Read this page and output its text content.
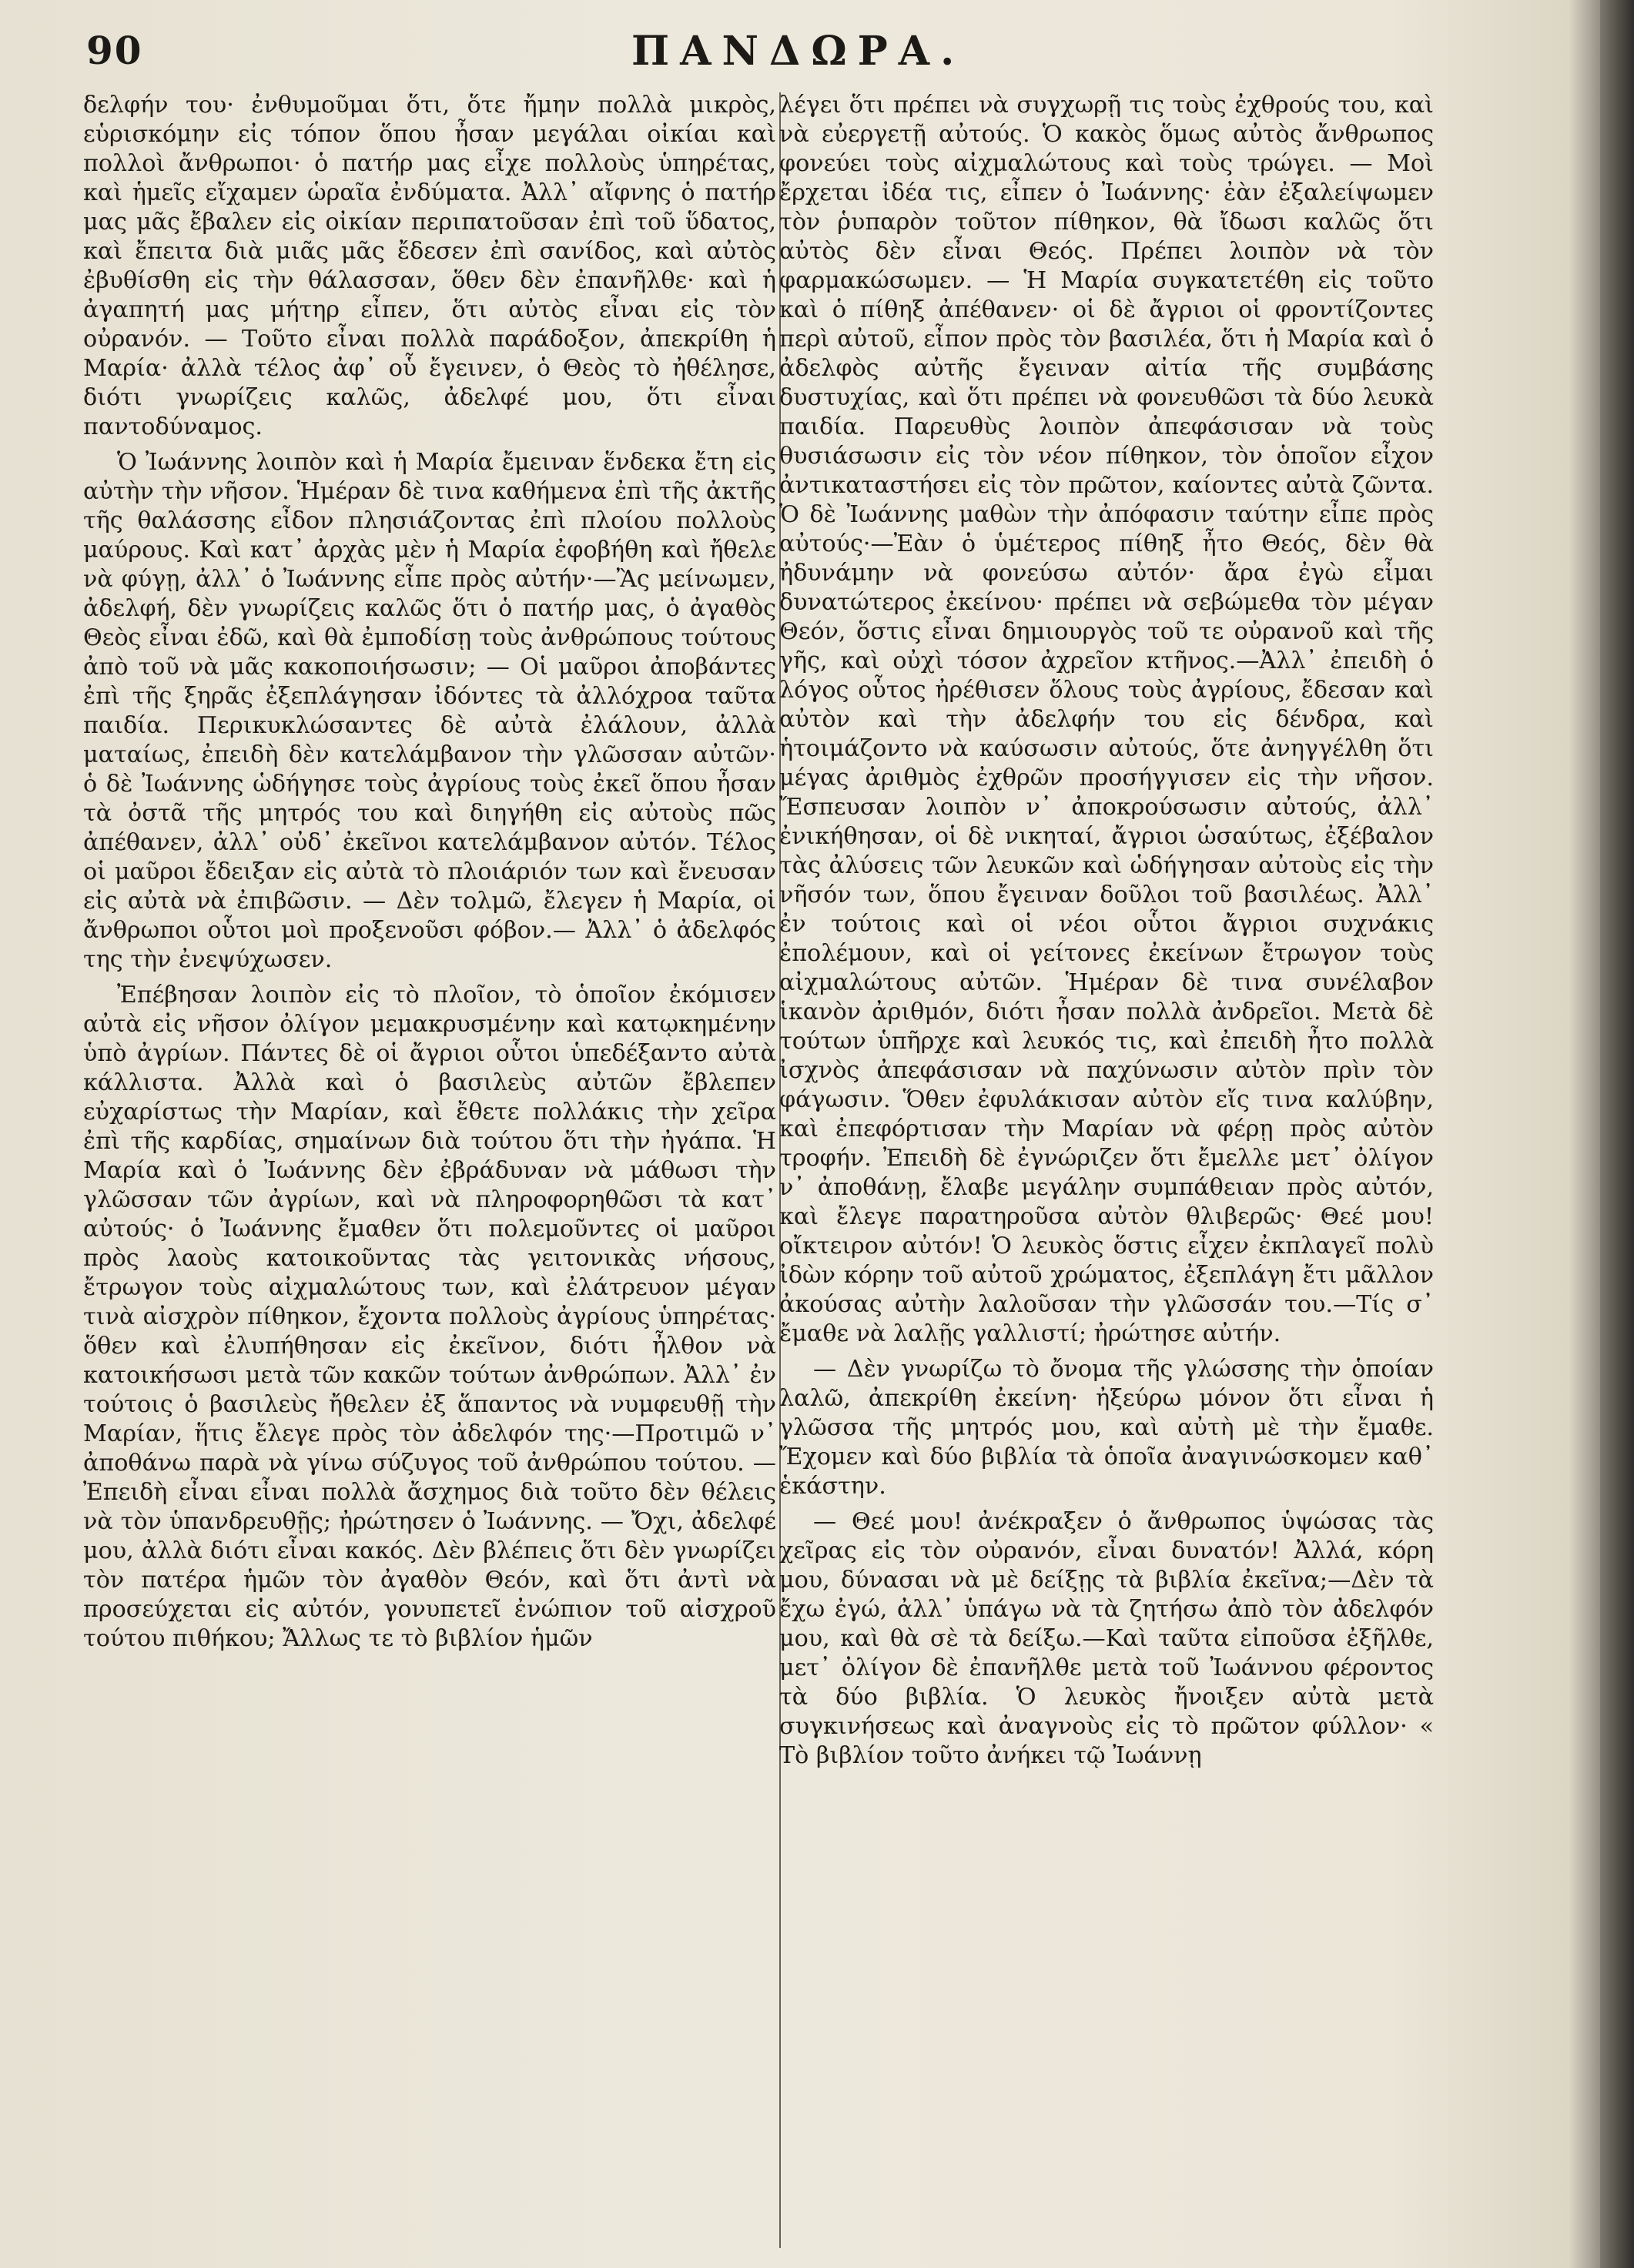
90	ΠΑΝΔΩΡΑ.

δελφήν του· ἐνθυμοῦμαι ὅτι, ὅτε ἤμην πολλὰ μικρὸς, εὑρισκόμην εἰς τόπον ὅπου ἦσαν μεγάλαι οἰκίαι καὶ πολλοὶ ἄνθρωποι· ὁ πατήρ μας εἶχε πολλοὺς ὑπηρέτας, καὶ ἡμεῖς εἴχαμεν ὡραῖα ἐνδύματα. Ἀλλ᾿ αἴφνης ὁ πατήρ μας μᾶς ἔβαλεν εἰς οἰκίαν περιπατοῦσαν ἐπὶ τοῦ ὕδατος, καὶ ἔπειτα διὰ μιᾶς μᾶς ἔδεσεν ἐπὶ σανίδος, καὶ αὐτὸς ἐβυθίσθη εἰς τὴν θάλασσαν, ὅθεν δὲν ἐπανῆλθε· καὶ ἡ ἀγαπητή μας μήτηρ εἶπεν, ὅτι αὐτὸς εἶναι εἰς τὸν οὐρανόν. — Τοῦτο εἶναι πολλὰ παράδοξον, ἀπεκρίθη ἡ Μαρία· ἀλλὰ τέλος ἀφ᾿ οὗ ἔγεινεν, ὁ Θεὸς τὸ ἠθέλησε, διότι γνωρίζεις καλῶς, ἀδελφέ μου, ὅτι εἶναι παντοδύναμος.

Ὁ Ἰωάννης λοιπὸν καὶ ἡ Μαρία ἔμειναν ἕνδεκα ἔτη εἰς αὐτὴν τὴν νῆσον. Ἡμέραν δὲ τινα καθήμενα ἐπὶ τῆς ἀκτῆς τῆς θαλάσσης εἶδον πλησιάζοντας ἐπὶ πλοίου πολλοὺς μαύρους. Καὶ κατ᾿ ἀρχὰς μὲν ἡ Μαρία ἐφοβήθη καὶ ἤθελε νὰ φύγῃ, ἀλλ᾿ ὁ Ἰωάννης εἶπε πρὸς αὐτήν·—Ἂς μείνωμεν, ἀδελφή, δὲν γνωρίζεις καλῶς ὅτι ὁ πατήρ μας, ὁ ἀγαθὸς Θεὸς εἶναι ἐδῶ, καὶ θὰ ἐμποδίσῃ τοὺς ἀνθρώπους τούτους ἀπὸ τοῦ νὰ μᾶς κακοποιήσωσιν; — Οἱ μαῦροι ἀποβάντες ἐπὶ τῆς ξηρᾶς ἐξεπλάγησαν ἰδόντες τὰ ἀλλόχροα ταῦτα παιδία. Περικυκλώσαντες δὲ αὐτὰ ἐλάλουν, ἀλλὰ ματαίως, ἐπειδὴ δὲν κατελάμβανον τὴν γλῶσσαν αὐτῶν· ὁ δὲ Ἰωάννης ὡδήγησε τοὺς ἀγρίους τοὺς ἐκεῖ ὅπου ἦσαν τὰ ὀστᾶ τῆς μητρός του καὶ διηγήθη εἰς αὐτοὺς πῶς ἀπέθανεν, ἀλλ᾿ οὐδ᾿ ἐκεῖνοι κατελάμβανον αὐτόν. Τέλος οἱ μαῦροι ἔδειξαν εἰς αὐτὰ τὸ πλοιάριόν των καὶ ἔνευσαν εἰς αὐτὰ νὰ ἐπιβῶσιν. — Δὲν τολμῶ, ἔλεγεν ἡ Μαρία, οἱ ἄνθρωποι οὗτοι μοὶ προξενοῦσι φόβον.— Ἀλλ᾿ ὁ ἀδελφός της τὴν ἐνεψύχωσεν.

Ἐπέβησαν λοιπὸν εἰς τὸ πλοῖον, τὸ ὁποῖον ἐκόμισεν αὐτὰ εἰς νῆσον ὀλίγον μεμακρυσμένην καὶ κατῳκημένην ὑπὸ ἀγρίων. Πάντες δὲ οἱ ἄγριοι οὗτοι ὑπεδέξαντο αὐτὰ κάλλιστα. Ἀλλὰ καὶ ὁ βασιλεὺς αὐτῶν ἔβλεπεν εὐχαρίστως τὴν Μαρίαν, καὶ ἔθετε πολλάκις τὴν χεῖρα ἐπὶ τῆς καρδίας, σημαίνων διὰ τούτου ὅτι τὴν ἠγάπα. Ἡ Μαρία καὶ ὁ Ἰωάννης δὲν ἐβράδυναν νὰ μάθωσι τὴν γλῶσσαν τῶν ἀγρίων, καὶ νὰ πληροφορηθῶσι τὰ κατ᾿ αὐτούς· ὁ Ἰωάννης ἔμαθεν ὅτι πολεμοῦντες οἱ μαῦροι πρὸς λαοὺς κατοικοῦντας τὰς γειτονικὰς νήσους, ἔτρωγον τοὺς αἰχμαλώτους των, καὶ ἐλάτρευον μέγαν τινὰ αἰσχρὸν πίθηκον, ἔχοντα πολλοὺς ἀγρίους ὑπηρέτας· ὅθεν καὶ ἐλυπήθησαν εἰς ἐκεῖνον, διότι ἦλθον νὰ κατοικήσωσι μετὰ τῶν κακῶν τούτων ἀνθρώπων. Ἀλλ᾿ ἐν τούτοις ὁ βασιλεὺς ἤθελεν ἐξ ἅπαντος νὰ νυμφευθῇ τὴν Μαρίαν, ἥτις ἔλεγε πρὸς τὸν ἀδελφόν της·—Προτιμῶ ν᾿ ἀποθάνω παρὰ νὰ γίνω σύζυγος τοῦ ἀνθρώπου τούτου. — Ἐπειδὴ εἶναι εἶναι πολλὰ ἄσχημος διὰ τοῦτο δὲν θέλεις νὰ τὸν ὑπανδρευθῇς; ἠρώτησεν ὁ Ἰωάννης. — Ὄχι, ἀδελφέ μου, ἀλλὰ διότι εἶναι κακός. Δὲν βλέπεις ὅτι δὲν γνωρίζει τὸν πατέρα ἡμῶν τὸν ἀγαθὸν Θεόν, καὶ ὅτι ἀντὶ νὰ προσεύχεται εἰς αὐτόν, γονυπετεῖ ἐνώπιον τοῦ αἰσχροῦ τούτου πιθήκου; Ἄλλως τε τὸ βιβλίον ἡμῶν

λέγει ὅτι πρέπει νὰ συγχωρῇ τις τοὺς ἐχθρούς του, καὶ νὰ εὐεργετῇ αὐτούς. Ὁ κακὸς ὅμως αὐτὸς ἄνθρωπος φονεύει τοὺς αἰχμαλώτους καὶ τοὺς τρώγει. — Μοὶ ἔρχεται ἰδέα τις, εἶπεν ὁ Ἰωάννης· ἐὰν ἐξαλείψωμεν τὸν ῥυπαρὸν τοῦτον πίθηκον, θὰ ἴδωσι καλῶς ὅτι αὐτὸς δὲν εἶναι Θεός. Πρέπει λοιπὸν νὰ τὸν φαρμακώσωμεν. — Ἡ Μαρία συγκατετέθη εἰς τοῦτο καὶ ὁ πίθηξ ἀπέθανεν· οἱ δὲ ἄγριοι οἱ φροντίζοντες περὶ αὐτοῦ, εἶπον πρὸς τὸν βασιλέα, ὅτι ἡ Μαρία καὶ ὁ ἀδελφὸς αὐτῆς ἔγειναν αἰτία τῆς συμβάσης δυστυχίας, καὶ ὅτι πρέπει νὰ φονευθῶσι τὰ δύο λευκὰ παιδία. Παρευθὺς λοιπὸν ἀπεφάσισαν νὰ τοὺς θυσιάσωσιν εἰς τὸν νέον πίθηκον, τὸν ὁποῖον εἶχον ἀντικαταστήσει εἰς τὸν πρῶτον, καίοντες αὐτὰ ζῶντα. Ὁ δὲ Ἰωάννης μαθὼν τὴν ἀπόφασιν ταύτην εἶπε πρὸς αὐτούς·—Ἐὰν ὁ ὑμέτερος πίθηξ ἦτο Θεός, δὲν θὰ ἠδυνάμην νὰ φονεύσω αὐτόν· ἄρα ἐγὼ εἶμαι δυνατώτερος ἐκείνου· πρέπει νὰ σεβώμεθα τὸν μέγαν Θεόν, ὅστις εἶναι δημιουργὸς τοῦ τε οὐρανοῦ καὶ τῆς γῆς, καὶ οὐχὶ τόσον ἀχρεῖον κτῆνος.—Ἀλλ᾿ ἐπειδὴ ὁ λόγος οὗτος ἠρέθισεν ὅλους τοὺς ἀγρίους, ἔδεσαν καὶ αὐτὸν καὶ τὴν ἀδελφήν του εἰς δένδρα, καὶ ἡτοιμάζοντο νὰ καύσωσιν αὐτούς, ὅτε ἀνηγγέλθη ὅτι μέγας ἀριθμὸς ἐχθρῶν προσήγγισεν εἰς τὴν νῆσον. Ἔσπευσαν λοιπὸν ν᾿ ἀποκρούσωσιν αὐτούς, ἀλλ᾿ ἐνικήθησαν, οἱ δὲ νικηταί, ἄγριοι ὡσαύτως, ἐξέβαλον τὰς ἀλύσεις τῶν λευκῶν καὶ ὡδήγησαν αὐτοὺς εἰς τὴν νῆσόν των, ὅπου ἔγειναν δοῦλοι τοῦ βασιλέως. Ἀλλ᾿ ἐν τούτοις καὶ οἱ νέοι οὗτοι ἄγριοι συχνάκις ἐπολέμουν, καὶ οἱ γείτονες ἐκείνων ἔτρωγον τοὺς αἰχμαλώτους αὐτῶν. Ἡμέραν δὲ τινα συνέλαβον ἱκανὸν ἀριθμόν, διότι ἦσαν πολλὰ ἀνδρεῖοι. Μετὰ δὲ τούτων ὑπῆρχε καὶ λευκός τις, καὶ ἐπειδὴ ἦτο πολλὰ ἰσχνὸς ἀπεφάσισαν νὰ παχύνωσιν αὐτὸν πρὶν τὸν φάγωσιν. Ὅθεν ἐφυλάκισαν αὐτὸν εἴς τινα καλύβην, καὶ ἐπεφόρτισαν τὴν Μαρίαν νὰ φέρῃ πρὸς αὐτὸν τροφήν. Ἐπειδὴ δὲ ἐγνώριζεν ὅτι ἔμελλε μετ᾿ ὀλίγον ν᾿ ἀποθάνῃ, ἔλαβε μεγάλην συμπάθειαν πρὸς αὐτόν, καὶ ἔλεγε παρατηροῦσα αὐτὸν θλιβερῶς· Θεέ μου! οἴκτειρον αὐτόν! Ὁ λευκὸς ὅστις εἶχεν ἐκπλαγεῖ πολὺ ἰδὼν κόρην τοῦ αὐτοῦ χρώματος, ἐξεπλάγη ἔτι μᾶλλον ἀκούσας αὐτὴν λαλοῦσαν τὴν γλῶσσάν του.—Τίς σ᾿ ἔμαθε νὰ λαλῇς γαλλιστί; ἠρώτησε αὐτήν.

— Δὲν γνωρίζω τὸ ὄνομα τῆς γλώσσης τὴν ὁποίαν λαλῶ, ἀπεκρίθη ἐκείνη· ἠξεύρω μόνον ὅτι εἶναι ἡ γλῶσσα τῆς μητρός μου, καὶ αὐτὴ μὲ τὴν ἔμαθε. Ἔχομεν καὶ δύο βιβλία τὰ ὁποῖα ἀναγινώσκομεν καθ᾿ ἑκάστην.

— Θεέ μου! ἀνέκραξεν ὁ ἄνθρωπος ὑψώσας τὰς χεῖρας εἰς τὸν οὐρανόν, εἶναι δυνατόν! Ἀλλά, κόρη μου, δύνασαι νὰ μὲ δείξῃς τὰ βιβλία ἐκεῖνα;—Δὲν τὰ ἔχω ἐγώ, ἀλλ᾿ ὑπάγω νὰ τὰ ζητήσω ἀπὸ τὸν ἀδελφόν μου, καὶ θὰ σὲ τὰ δείξω.—Καὶ ταῦτα εἰποῦσα ἐξῆλθε, μετ᾿ ὀλίγον δὲ ἐπανῆλθε μετὰ τοῦ Ἰωάννου φέροντος τὰ δύο βιβλία. Ὁ λευκὸς ἤνοιξεν αὐτὰ μετὰ συγκινήσεως καὶ ἀναγνοὺς εἰς τὸ πρῶτον φύλλον· « Τὸ βιβλίον τοῦτο ἀνήκει τῷ Ἰωάννῃ
